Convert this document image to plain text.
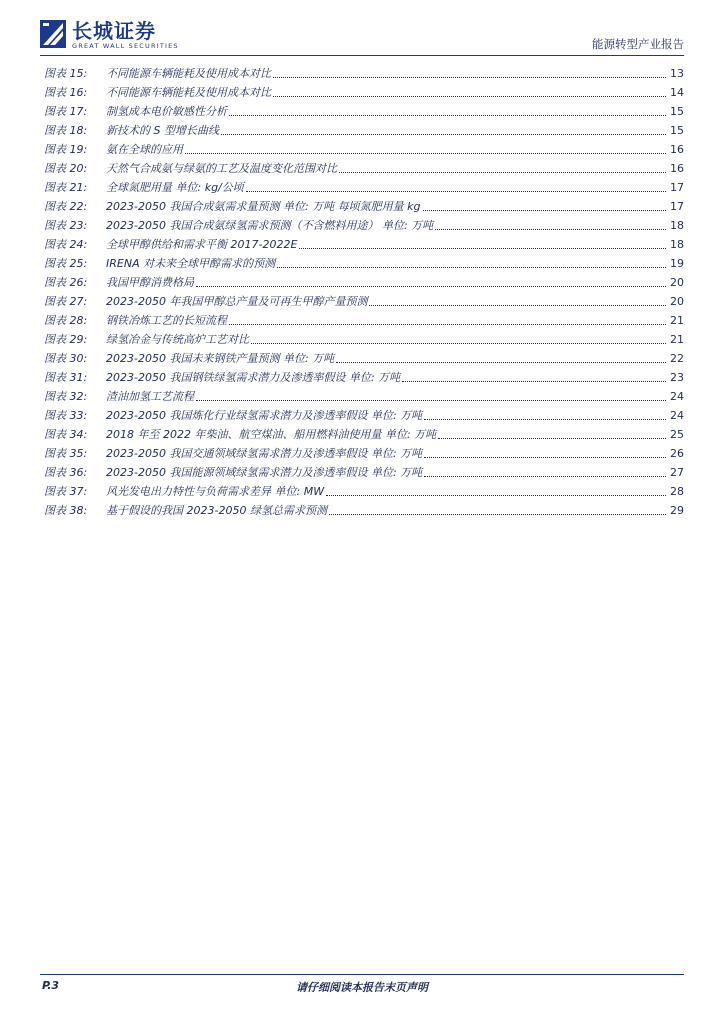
长城证券
GREAT WALL SECURITIES	能源转型产业报告
图表 15:	不同能源车辆能耗及使用成本对比	13
图表 16:	不同能源车辆能耗及使用成本对比	14
图表 17:	制氢成本电价敏感性分析	15
图表 18:	新技术的 S 型增长曲线	15
图表 19:	氨在全球的应用	16
图表 20:	天然气合成氨与绿氨的工艺及温度变化范围对比	16
图表 21:	全球氮肥用量 单位: kg/公顷	17
图表 22:	2023-2050 我国合成氨需求量预测 单位: 万吨 每顷氮肥用量 kg	17
图表 23:	2023-2050 我国合成氨绿氢需求预测（不含燃料用途） 单位: 万吨	18
图表 24:	全球甲醇供给和需求平衡 2017-2022E	18
图表 25:	IRENA 对未来全球甲醇需求的预测	19
图表 26:	我国甲醇消费格局	20
图表 27:	2023-2050 年我国甲醇总产量及可再生甲醇产量预测	20
图表 28:	钢铁冶炼工艺的长短流程	21
图表 29:	绿氢冶金与传统高炉工艺对比	21
图表 30:	2023-2050 我国未来钢铁产量预测 单位: 万吨	22
图表 31:	2023-2050 我国钢铁绿氢需求潜力及渗透率假设 单位: 万吨	23
图表 32:	渣油加氢工艺流程	24
图表 33:	2023-2050 我国炼化行业绿氢需求潜力及渗透率假设 单位: 万吨	24
图表 34:	2018 年至 2022 年柴油、航空煤油、船用燃料油使用量 单位: 万吨	25
图表 35:	2023-2050 我国交通领域绿氢需求潜力及渗透率假设 单位: 万吨	26
图表 36:	2023-2050 我国能源领域绿氢需求潜力及渗透率假设 单位: 万吨	27
图表 37:	风光发电出力特性与负荷需求差异 单位: MW	28
图表 38:	基于假设的我国 2023-2050 绿氢总需求预测	29
P.3	请仔细阅读本报告末页声明
